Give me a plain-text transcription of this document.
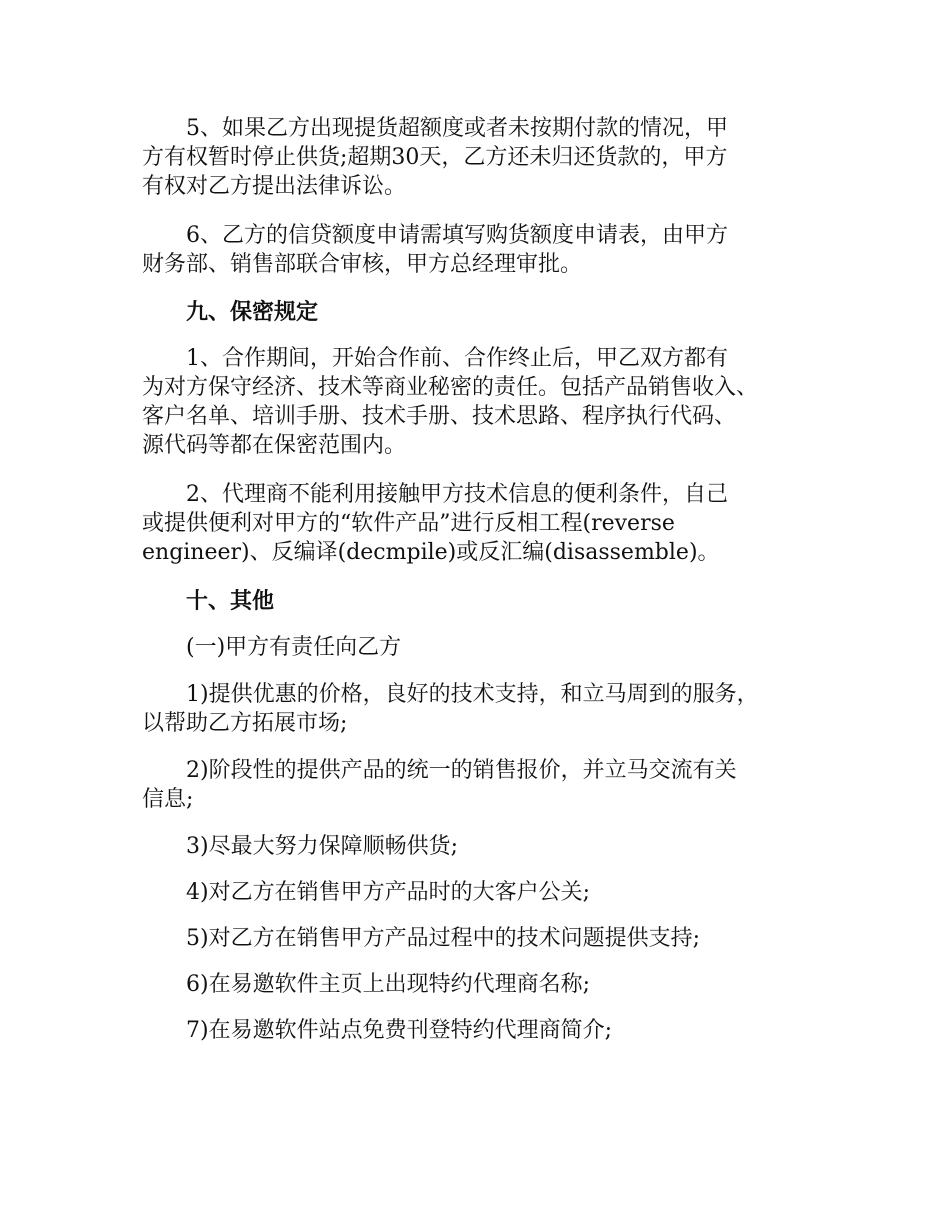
5、如果乙方出现提货超额度或者未按期付款的情况，甲
方有权暂时停止供货;超期30天，乙方还未归还货款的，甲方
有权对乙方提出法律诉讼。
6、乙方的信贷额度申请需填写购货额度申请表，由甲方
财务部、销售部联合审核，甲方总经理审批。
九、保密规定
1、合作期间，开始合作前、合作终止后，甲乙双方都有
为对方保守经济、技术等商业秘密的责任。包括产品销售收入、
客户名单、培训手册、技术手册、技术思路、程序执行代码、
源代码等都在保密范围内。
2、代理商不能利用接触甲方技术信息的便利条件，自己
或提供便利对甲方的“软件产品”进行反相工程(reverse
engineer)、反编译(decmpile)或反汇编(disassemble)。
十、其他
(一)甲方有责任向乙方
1)提供优惠的价格，良好的技术支持，和立马周到的服务，
以帮助乙方拓展市场;
2)阶段性的提供产品的统一的销售报价，并立马交流有关
信息;
3)尽最大努力保障顺畅供货;
4)对乙方在销售甲方产品时的大客户公关;
5)对乙方在销售甲方产品过程中的技术问题提供支持;
6)在易邀软件主页上出现特约代理商名称;
7)在易邀软件站点免费刊登特约代理商简介;
